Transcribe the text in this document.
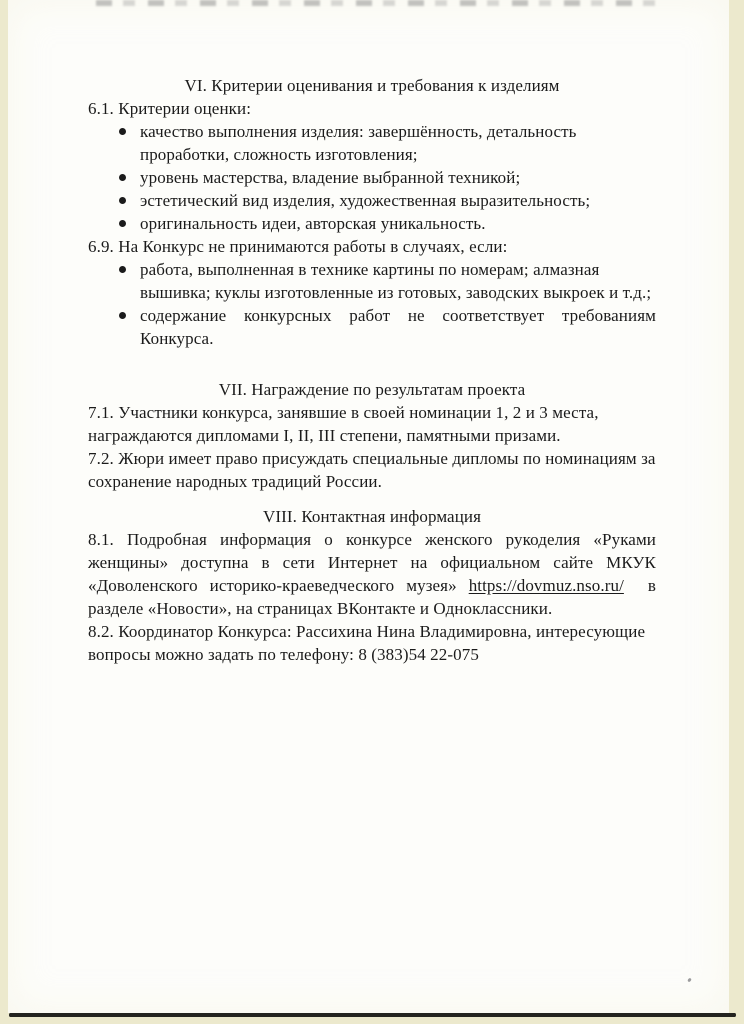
VI. Критерии оценивания и требования к изделиям

6.1. Критерии оценки:

качество выполнения изделия: завершённость, детальность проработки, сложность изготовления;
уровень мастерства, владение выбранной техникой;
эстетический вид изделия, художественная выразительность;
оригинальность идеи, авторская уникальность.

6.9. На Конкурс не принимаются работы в случаях, если:

работа, выполненная в технике картины по номерам; алмазная вышивка; куклы изготовленные из готовых, заводских выкроек и т.д.;
содержание конкурсных работ не соответствует требованиям Конкурса.
VII. Награждение по результатам проекта

7.1. Участники конкурса, занявшие в своей номинации 1, 2 и 3 места, награждаются дипломами I, II, III степени, памятными призами.

7.2. Жюри имеет право присуждать специальные дипломы по номинациям за сохранение народных традиций России.

VIII. Контактная информация

8.1. Подробная информация о конкурсе женского рукоделия «Руками женщины» доступна в сети Интернет на официальном сайте МКУК «Доволенского историко-краеведческого музея» https://dovmuz.nso.ru/ в разделе «Новости», на страницах ВКонтакте и Одноклассники.

8.2. Координатор Конкурса: Рассихина Нина Владимировна, интересующие вопросы можно задать по телефону: 8 (383)54 22-075
